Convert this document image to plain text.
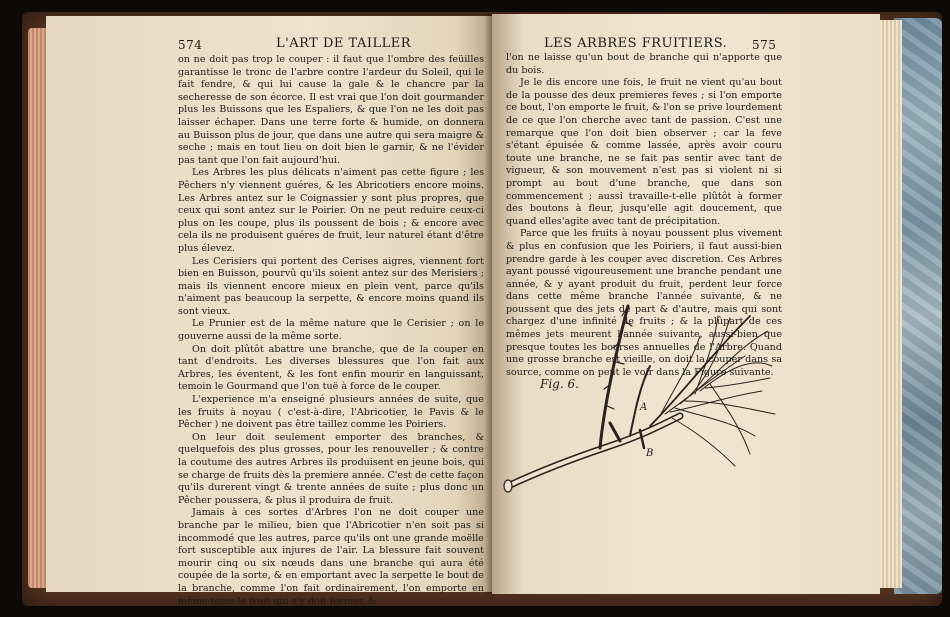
574	L'ART DE TAILLER

on ne doit pas trop le couper : il faut que l'ombre des feüilles garantisse le tronc de l'arbre contre l'ardeur du Soleil, qui le fait fendre, & qui lui cause la gale & le chancre par la secheresse de son écorce. Il est vrai que l'on doit gourmander plus les Buissons que les Espaliers, & que l'on ne les doit pas laisser échaper. Dans une terre forte & humide, on donnera au Buisson plus de jour, que dans une autre qui sera maigre & seche ; mais en tout lieu on doit bien le garnir, & ne l'évider pas tant que l'on fait aujourd'hui.

Les Arbres les plus délicats n'aiment pas cette figure ; les Pêchers n'y viennent guéres, & les Abricotiers encore moins. Les Arbres antez sur le Coignassier y sont plus propres, que ceux qui sont antez sur le Poirier. On ne peut reduire ceux-ci plus on les coupe, plus ils poussent de bois ; & encore avec cela ils ne produisent guéres de fruit, leur naturel étant d'être plus élevez.

Les Cerisiers qui portent des Cerises aigres, viennent fort bien en Buisson, pourvû qu'ils soient antez sur des Merisiers ; mais ils viennent encore mieux en plein vent, parce qu'ils n'aiment pas beaucoup la serpette, & encore moins quand ils sont vieux.

Le Prunier est de la même nature que le Cerisier ; on le gouverne aussi de la même sorte.

On doit plûtôt abattre une branche, que de la couper en tant d'endroits. Les diverses blessures que l'on fait aux Arbres, les éventent, & les font enfin mourir en languissant, temoin le Gourmand que l'on tuë à force de le couper.

L'experience m'a enseigné plusieurs années de suite, que les fruits à noyau ( c'est-à-dire, l'Abricotier, le Pavis & le Pêcher ) ne doivent pas être taillez comme les Poiriers.

On leur doit seulement emporter des branches, & quelquefois des plus grosses, pour les renouveller ; & contre la coutume des autres Arbres ils produisent en jeune bois, qui se charge de fruits dès la premiere année. C'est de cette façon qu'ils durerent vingt & trente années de suite ; plus donc un Pêcher poussera, & plus il produira de fruit.

Jamais à ces sortes d'Arbres l'on ne doit couper une branche par le milieu, bien que l'Abricotier n'en soit pas si incommodé que les autres, parce qu'ils ont une grande moëlle fort susceptible aux injures de l'air. La blessure fait souvent mourir cinq ou six nœuds dans une branche qui aura été coupée de la sorte, & en emportant avec la serpette le bout de la branche, comme l'on fait ordinairement, l'on emporte en même-tems le fruit qui s'y doit former, &

LES ARBRES FRUITIERS. 575

l'on ne laisse qu'un bout de branche qui n'apporte que du bois.

Je le dis encore une fois, le fruit ne vient qu'au bout de la pousse des deux premieres feves ; si l'on emporte ce bout, l'on emporte le fruit, & l'on se prive lourdement de ce que l'on cherche avec tant de passion. C'est une remarque que l'on doit bien observer ; car la feve s'étant épuisée & comme lassée, après avoir couru toute une branche, ne se fait pas sentir avec tant de vigueur, & son mouvement n'est pas si violent ni si prompt au bout d'une branche, que dans son commencement ; aussi travaille-t-elle plûtôt à former des boutons à fleur, jusqu'elle agit doucement, que quand elles'agite avec tant de précipitation.

Parce que les fruits à noyau poussent plus vivement & plus en confusion que les Poiriers, il faut aussi-bien prendre garde à les couper avec discretion. Ces Arbres ayant poussé vigoureusement une branche pendant une année, & y ayant produit du fruit, perdent leur force dans cette même branche l'année suivante, & ne poussent que des jets de part & d'autre, mais qui sont chargez d'une infinité de fruits ; & la plûpart de ces mêmes jets meurent l'année suivante, aussi-bien que presque toutes les bourses annuelles de l'Arbre. Quand une grosse branche est vieille, on doit la couper dans sa source, comme on peut le voir dans la Figure suivante.

Fig. 6.
A
B
